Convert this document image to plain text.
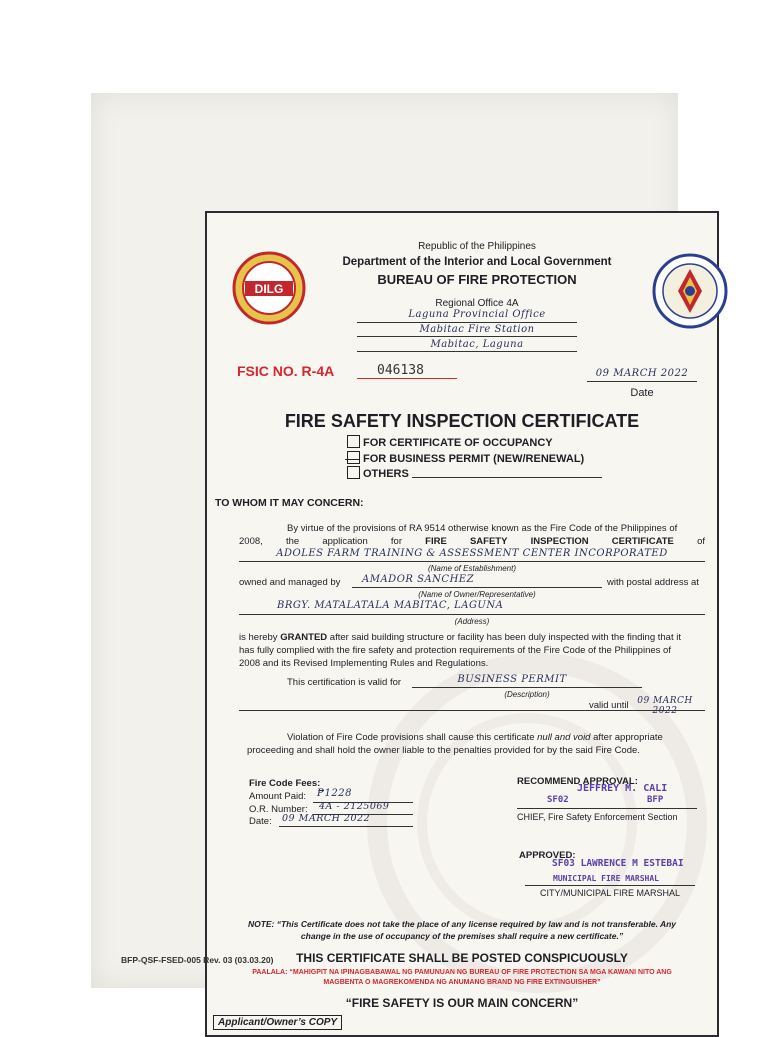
DILG
Republic of the Philippines
Department of the Interior and Local Government
BUREAU OF FIRE PROTECTION
Regional Office 4A
Laguna Provincial Office
Mabitac Fire Station
Mabitac, Laguna
FSIC NO. R-4A	046138	09 MARCH 2022
Date
FIRE SAFETY INSPECTION CERTIFICATE
FOR CERTIFICATE OF OCCUPANCY
FOR BUSINESS PERMIT (NEW/RENEWAL)
OTHERS
TO WHOM IT MAY CONCERN:
By virtue of the provisions of RA 9514 otherwise known as the Fire Code of the Philippines of
2008, the application for FIRE SAFETY INSPECTION CERTIFICATE of
ADOLES FARM TRAINING & ASSESSMENT CENTER INCORPORATED
(Name of Establishment)
owned and managed by	AMADOR SANCHEZ	with postal address at
(Name of Owner/Representative)
BRGY. MATALATALA MABITAC, LAGUNA
(Address)
is hereby GRANTED after said building structure or facility has been duly inspected with the finding that it
has fully complied with the fire safety and protection requirements of the Fire Code of the Philippines of
2008 and its Revised Implementing Rules and Regulations.
This certification is valid for	BUSINESS PERMIT
(Description)
valid until 09 MARCH 2022
Violation of Fire Code provisions shall cause this certificate null and void after appropriate
proceeding and shall hold the owner liable to the penalties provided for by the said Fire Code.
Fire Code Fees:
Amount Paid: ₱1228
O.R. Number: 4A - 2125069
Date: 09 MARCH 2022
RECOMMEND APPROVAL:
JEFFREY M. CALI
SF02	BFP
CHIEF, Fire Safety Enforcement Section
APPROVED:
SF03 LAWRENCE M ESTEBAI
MUNICIPAL FIRE MARSHAL
CITY/MUNICIPAL FIRE MARSHAL
NOTE: “This Certificate does not take the place of any license required by law and is not transferable. Any change in the use of occupancy of the premises shall require a new certificate.”
THIS CERTIFICATE SHALL BE POSTED CONSPICUOUSLY
PAALALA: “MAHIGPIT NA IPINAGBABAWAL NG PAMUNUAN NG BUREAU OF FIRE PROTECTION SA MGA KAWANI NITO ANG MAGBENTA O MAGREKOMENDA NG ANUMANG BRAND NG FIRE EXTINGUISHER”
“FIRE SAFETY IS OUR MAIN CONCERN”
Applicant/Owner’s COPY
BFP-QSF-FSED-005 Rev. 03 (03.03.20)
